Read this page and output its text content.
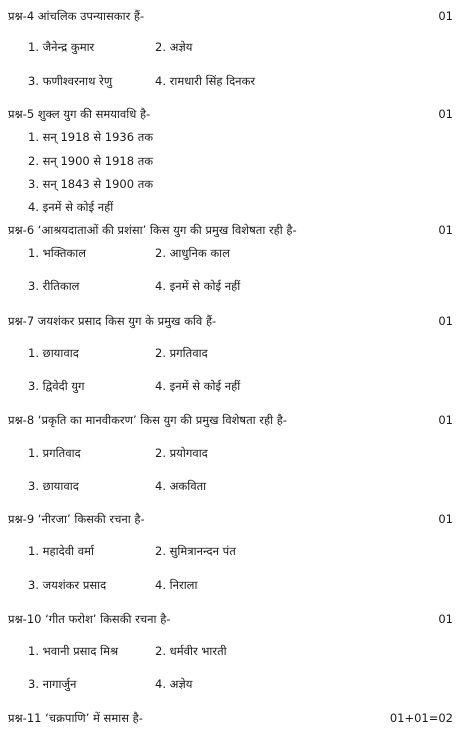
प्रश्न-4 आंचलिक उपन्यासकार हैं-	01
1. जैनेन्द्र कुमार	2. अज्ञेय
3. फणीश्वरनाथ रेणु	4. रामधारी सिंह दिनकर
प्रश्न-5 शुक्ल युग की समयावधि है-	01
1. सन् 1918 से 1936 तक
2. सन् 1900 से 1918 तक
3. सन् 1843 से 1900 तक
4. इनमें से कोई नहीं
प्रश्न-6 ‘आश्रयदाताओं की प्रशंसा’ किस युग की प्रमुख विशेषता रही है-	01
1. भक्तिकाल	2. आधुनिक काल
3. रीतिकाल	4. इनमें से कोई नहीं
प्रश्न-7 जयशंकर प्रसाद किस युग के प्रमुख कवि हैं-	01
1. छायावाद	2. प्रगतिवाद
3. द्विवेदी युग	4. इनमें से कोई नहीं
प्रश्न-8 ‘प्रकृति का मानवीकरण’ किस युग की प्रमुख विशेषता रही है-	01
1. प्रगतिवाद	2. प्रयोगवाद
3. छायावाद	4. अकविता
प्रश्न-9 ‘नीरजा’ किसकी रचना है-	01
1. महादेवी वर्मा	2. सुमित्रानन्दन पंत
3. जयशंकर प्रसाद	4. निराला
प्रश्न-10 ‘गीत फरोश’ किसकी रचना है-	01
1. भवानी प्रसाद मिश्र	2. धर्मवीर भारती
3. नागार्जुन	4. अज्ञेय
प्रश्न-11 ‘चक्रपाणि’ में समास है-	01+01=02
